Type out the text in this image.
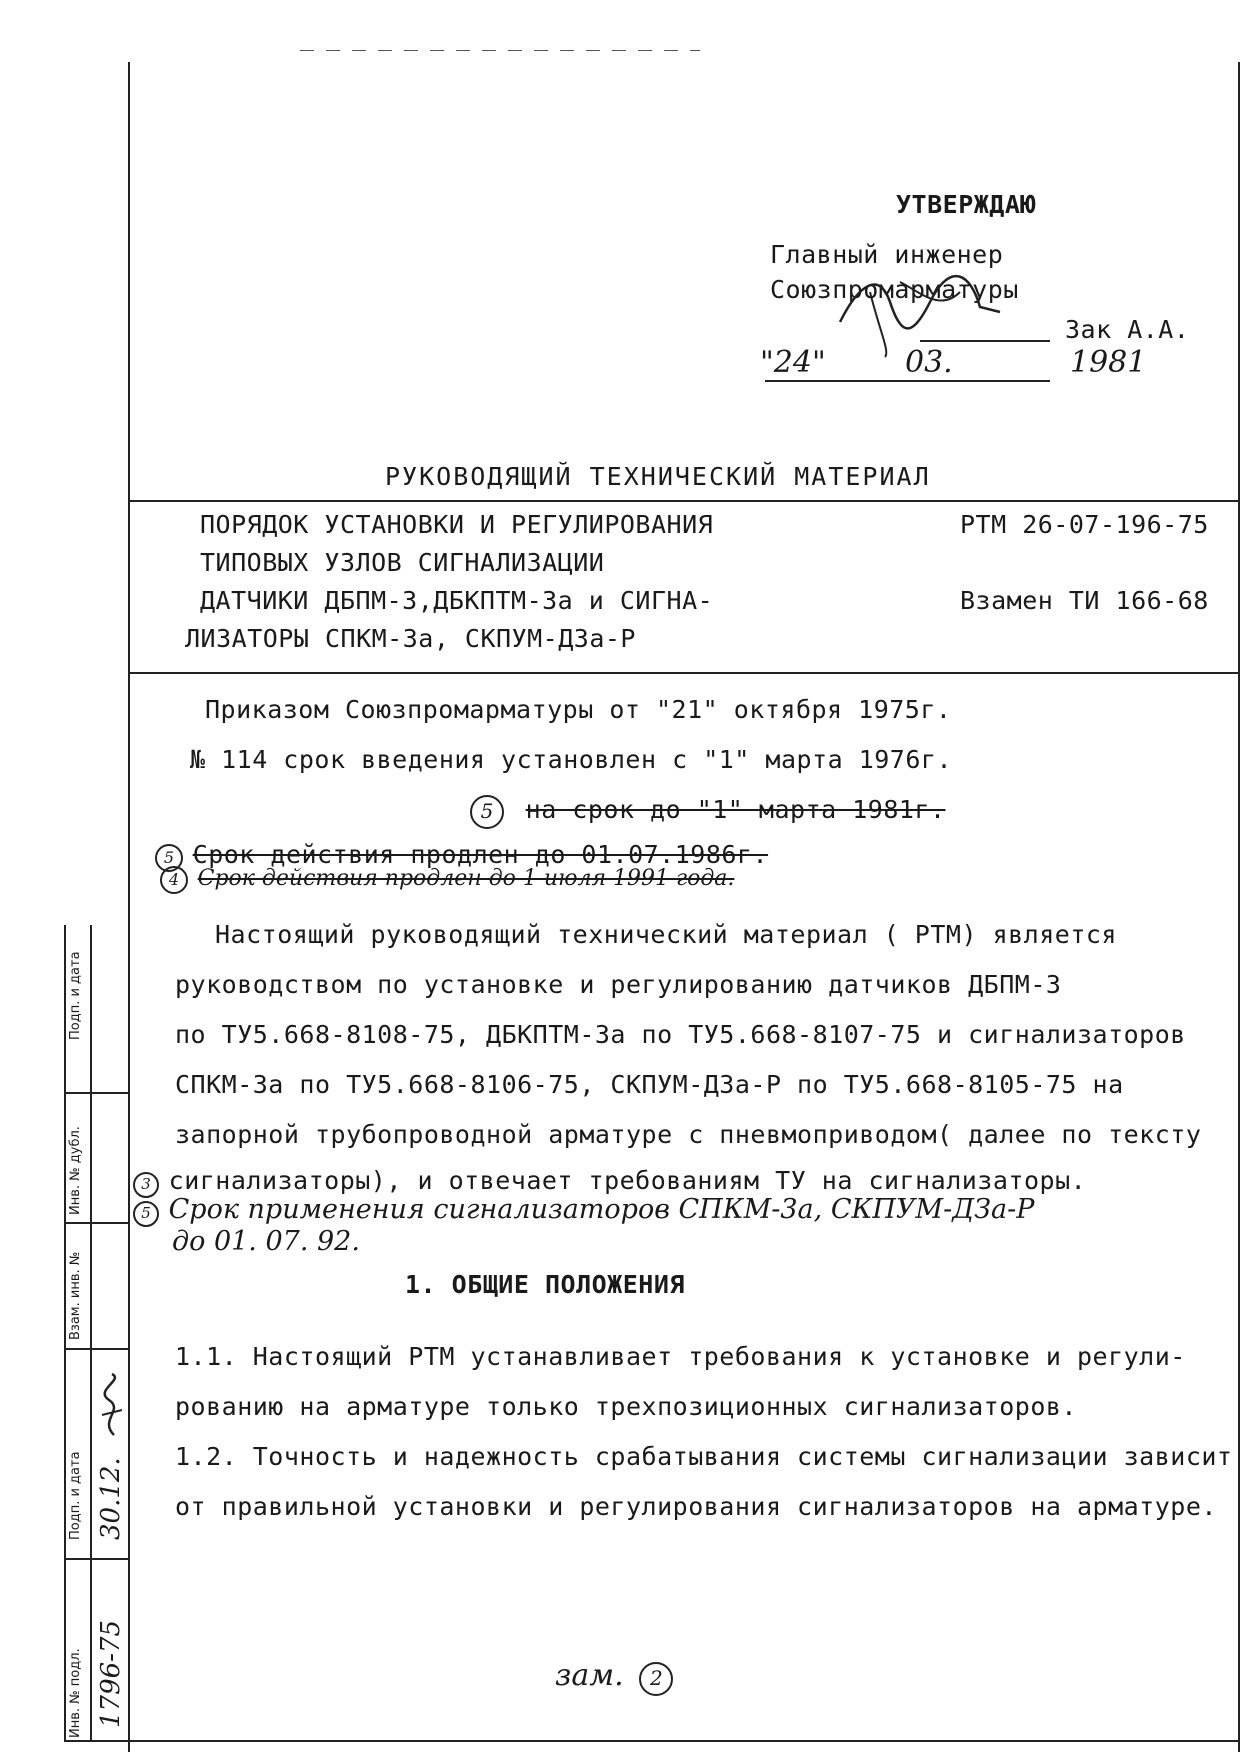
УТВЕРЖДАЮ
Главный инженер
Союзпромарматуры
Зак А.А.
"24"	03.	1981
РУКОВОДЯЩИЙ ТЕХНИЧЕСКИЙ МАТЕРИАЛ
ПОРЯДОК УСТАНОВКИ И РЕГУЛИРОВАНИЯ
ТИПОВЫХ УЗЛОВ СИГНАЛИЗАЦИИ
ДАТЧИКИ ДБПМ-3,ДБКПТМ-3а и СИГНА-
ЛИЗАТОРЫ СПКМ-3а, СКПУМ-ДЗа-Р
РТМ 26-07-196-75
Взамен ТИ 166-68
Приказом Союзпромарматуры от "21" октября 1975г.
№ 114 срок введения установлен с "1" марта 1976г.
5 на срок до "1" марта 1981г.
5 Срок действия продлен до 01.07.1986г.
4 Срок действия продлен до 1 июля 1991 года.
Настоящий руководящий технический материал ( РТМ) является
руководством по установке и регулированию датчиков ДБПМ-3
по ТУ5.668-8108-75, ДБКПТМ-3а по ТУ5.668-8107-75 и сигнализаторов
СПКМ-3а по ТУ5.668-8106-75, СКПУМ-ДЗа-Р по ТУ5.668-8105-75 на
запорной трубопроводной арматуре с пневмоприводом( далее по тексту
3 сигнализаторы), и отвечает требованиям ТУ на сигнализаторы.
5 Срок применения сигнализаторов СПКМ-3а, СКПУМ-ДЗа-Р
до 01. 07. 92.
1. ОБЩИЕ ПОЛОЖЕНИЯ
1.1. Настоящий РТМ устанавливает требования к установке и регули-
рованию на арматуре только трехпозиционных сигнализаторов.
1.2. Точность и надежность срабатывания системы сигнализации зависит
от правильной установки и регулирования сигнализаторов на арматуре.
зам. 2
Подп. и дата
Инв. № дубл.
Взам. инв. №
Подп. и дата
Инв. № подл.
30.12.
1796-75
